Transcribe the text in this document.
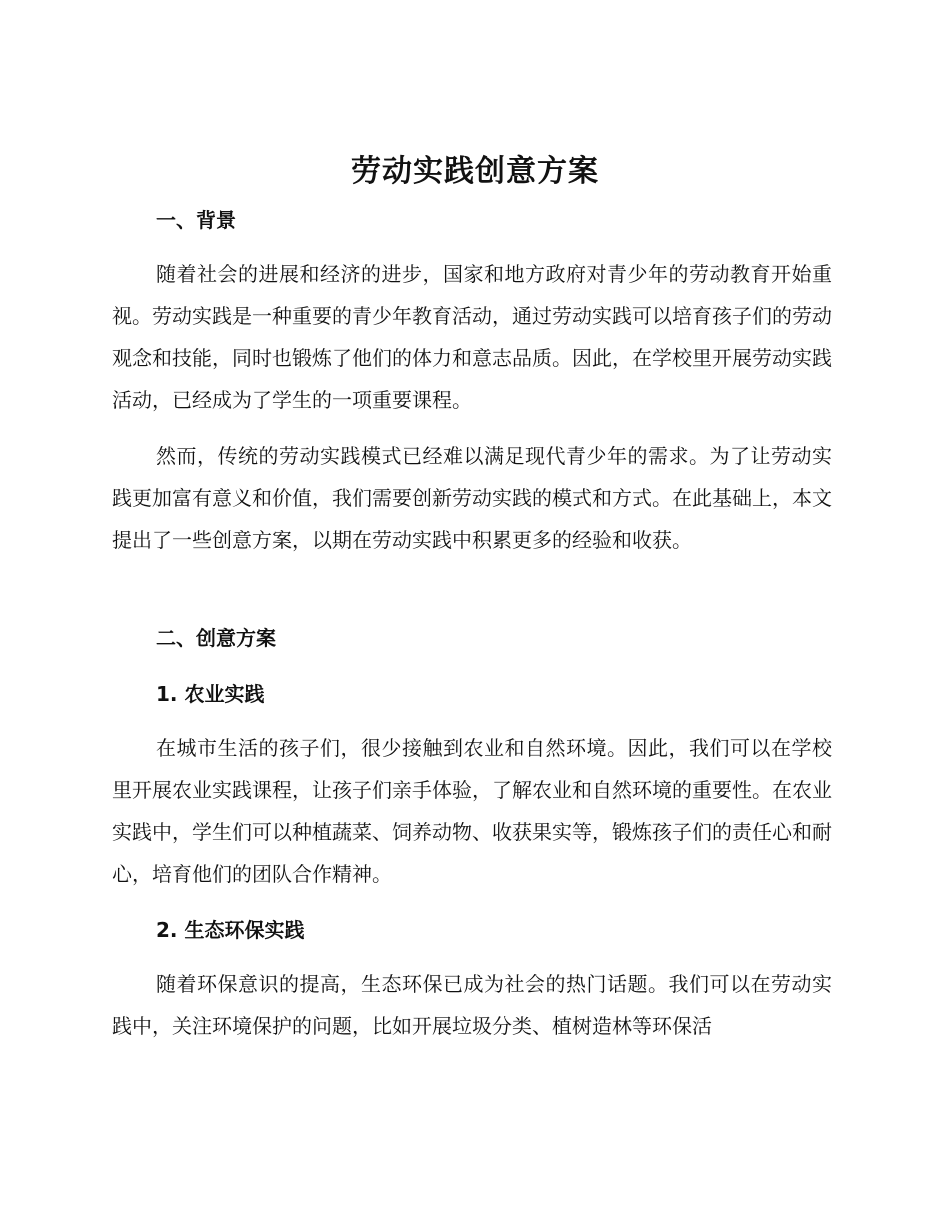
劳动实践创意方案
一、背景

随着社会的进展和经济的进步，国家和地方政府对青少年的劳动教育开始重视。劳动实践是一种重要的青少年教育活动，通过劳动实践可以培育孩子们的劳动观念和技能，同时也锻炼了他们的体力和意志品质。因此，在学校里开展劳动实践活动，已经成为了学生的一项重要课程。

然而，传统的劳动实践模式已经难以满足现代青少年的需求。为了让劳动实践更加富有意义和价值，我们需要创新劳动实践的模式和方式。在此基础上，本文提出了一些创意方案，以期在劳动实践中积累更多的经验和收获。

二、创意方案
1. 农业实践

在城市生活的孩子们，很少接触到农业和自然环境。因此，我们可以在学校里开展农业实践课程，让孩子们亲手体验，了解农业和自然环境的重要性。在农业实践中，学生们可以种植蔬菜、饲养动物、收获果实等，锻炼孩子们的责任心和耐心，培育他们的团队合作精神。

2. 生态环保实践

随着环保意识的提高，生态环保已成为社会的热门话题。我们可以在劳动实践中，关注环境保护的问题，比如开展垃圾分类、植树造林等环保活
